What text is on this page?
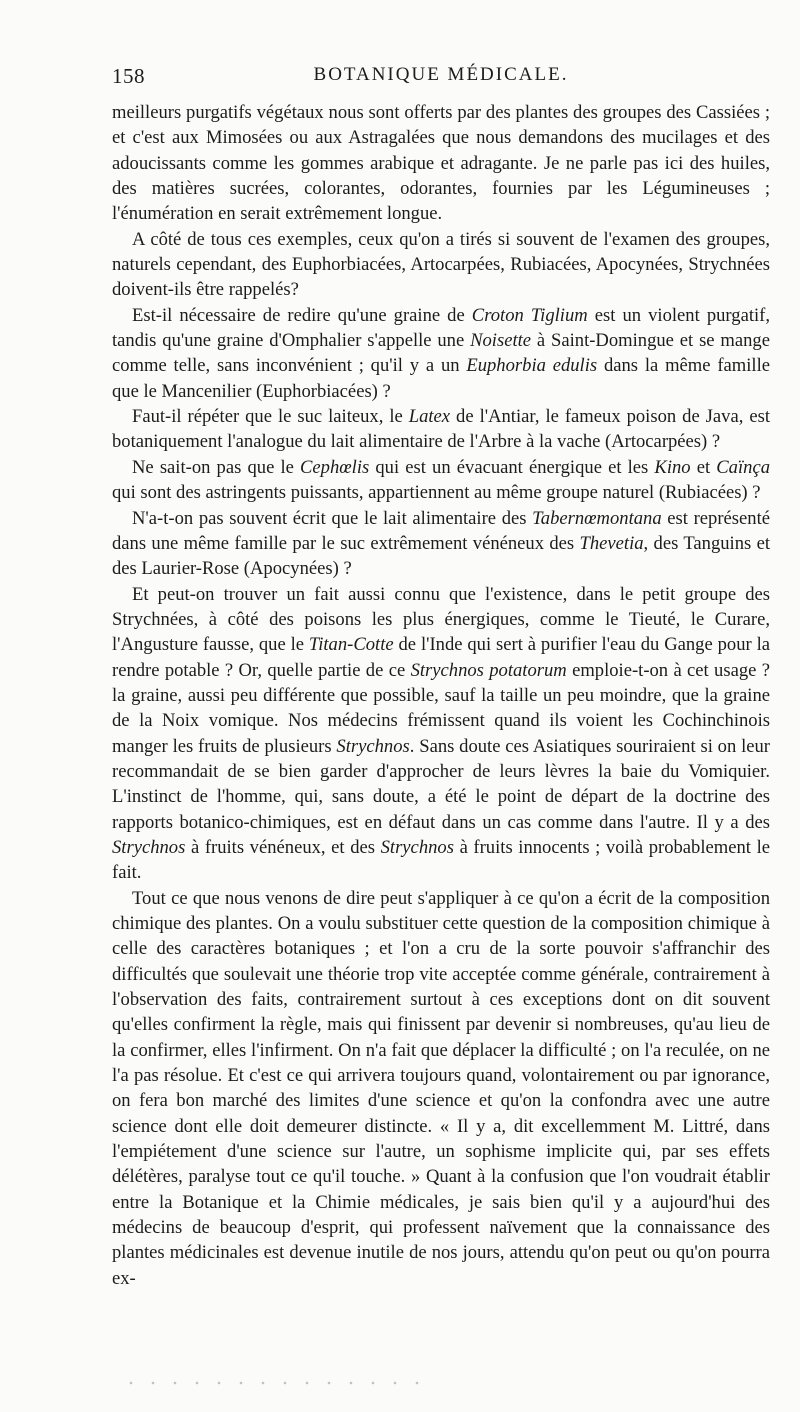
158	BOTANIQUE MÉDICALE.

meilleurs purgatifs végétaux nous sont offerts par des plantes des groupes des Cassiées ; et c'est aux Mimosées ou aux Astragalées que nous demandons des mucilages et des adoucissants comme les gommes arabique et adragante. Je ne parle pas ici des huiles, des matières sucrées, colorantes, odorantes, fournies par les Légumineuses ; l'énumération en serait extrêmement longue.

A côté de tous ces exemples, ceux qu'on a tirés si souvent de l'examen des groupes, naturels cependant, des Euphorbiacées, Artocarpées, Rubiacées, Apocynées, Strychnées doivent-ils être rappelés?

Est-il nécessaire de redire qu'une graine de Croton Tiglium est un violent purgatif, tandis qu'une graine d'Omphalier s'appelle une Noisette à Saint-Domingue et se mange comme telle, sans inconvénient ; qu'il y a un Euphorbia edulis dans la même famille que le Mancenilier (Euphorbiacées) ?

Faut-il répéter que le suc laiteux, le Latex de l'Antiar, le fameux poison de Java, est botaniquement l'analogue du lait alimentaire de l'Arbre à la vache (Artocarpées) ?

Ne sait-on pas que le Cephœlis qui est un évacuant énergique et les Kino et Caïnça qui sont des astringents puissants, appartiennent au même groupe naturel (Rubiacées) ?

N'a-t-on pas souvent écrit que le lait alimentaire des Tabernœmontana est représenté dans une même famille par le suc extrêmement vénéneux des Thevetia, des Tanguins et des Laurier-Rose (Apocynées) ?

Et peut-on trouver un fait aussi connu que l'existence, dans le petit groupe des Strychnées, à côté des poisons les plus énergiques, comme le Tieuté, le Curare, l'Angusture fausse, que le Titan-Cotte de l'Inde qui sert à purifier l'eau du Gange pour la rendre potable ? Or, quelle partie de ce Strychnos potatorum emploie-t-on à cet usage ? la graine, aussi peu différente que possible, sauf la taille un peu moindre, que la graine de la Noix vomique. Nos médecins frémissent quand ils voient les Cochinchinois manger les fruits de plusieurs Strychnos. Sans doute ces Asiatiques souriraient si on leur recommandait de se bien garder d'approcher de leurs lèvres la baie du Vomiquier. L'instinct de l'homme, qui, sans doute, a été le point de départ de la doctrine des rapports botanico-chimiques, est en défaut dans un cas comme dans l'autre. Il y a des Strychnos à fruits vénéneux, et des Strychnos à fruits innocents ; voilà probablement le fait.

Tout ce que nous venons de dire peut s'appliquer à ce qu'on a écrit de la composition chimique des plantes. On a voulu substituer cette question de la composition chimique à celle des caractères botaniques ; et l'on a cru de la sorte pouvoir s'affranchir des difficultés que soulevait une théorie trop vite acceptée comme générale, contrairement à l'observation des faits, contrairement surtout à ces exceptions dont on dit souvent qu'elles confirment la règle, mais qui finissent par devenir si nombreuses, qu'au lieu de la confirmer, elles l'infirment. On n'a fait que déplacer la difficulté ; on l'a reculée, on ne l'a pas résolue. Et c'est ce qui arrivera toujours quand, volontairement ou par ignorance, on fera bon marché des limites d'une science et qu'on la confondra avec une autre science dont elle doit demeurer distincte. « Il y a, dit excellemment M. Littré, dans l'empiétement d'une science sur l'autre, un sophisme implicite qui, par ses effets délétères, paralyse tout ce qu'il touche. » Quant à la confusion que l'on voudrait établir entre la Botanique et la Chimie médicales, je sais bien qu'il y a aujourd'hui des médecins de beaucoup d'esprit, qui professent naïvement que la connaissance des plantes médicinales est devenue inutile de nos jours, attendu qu'on peut ou qu'on pourra ex-
